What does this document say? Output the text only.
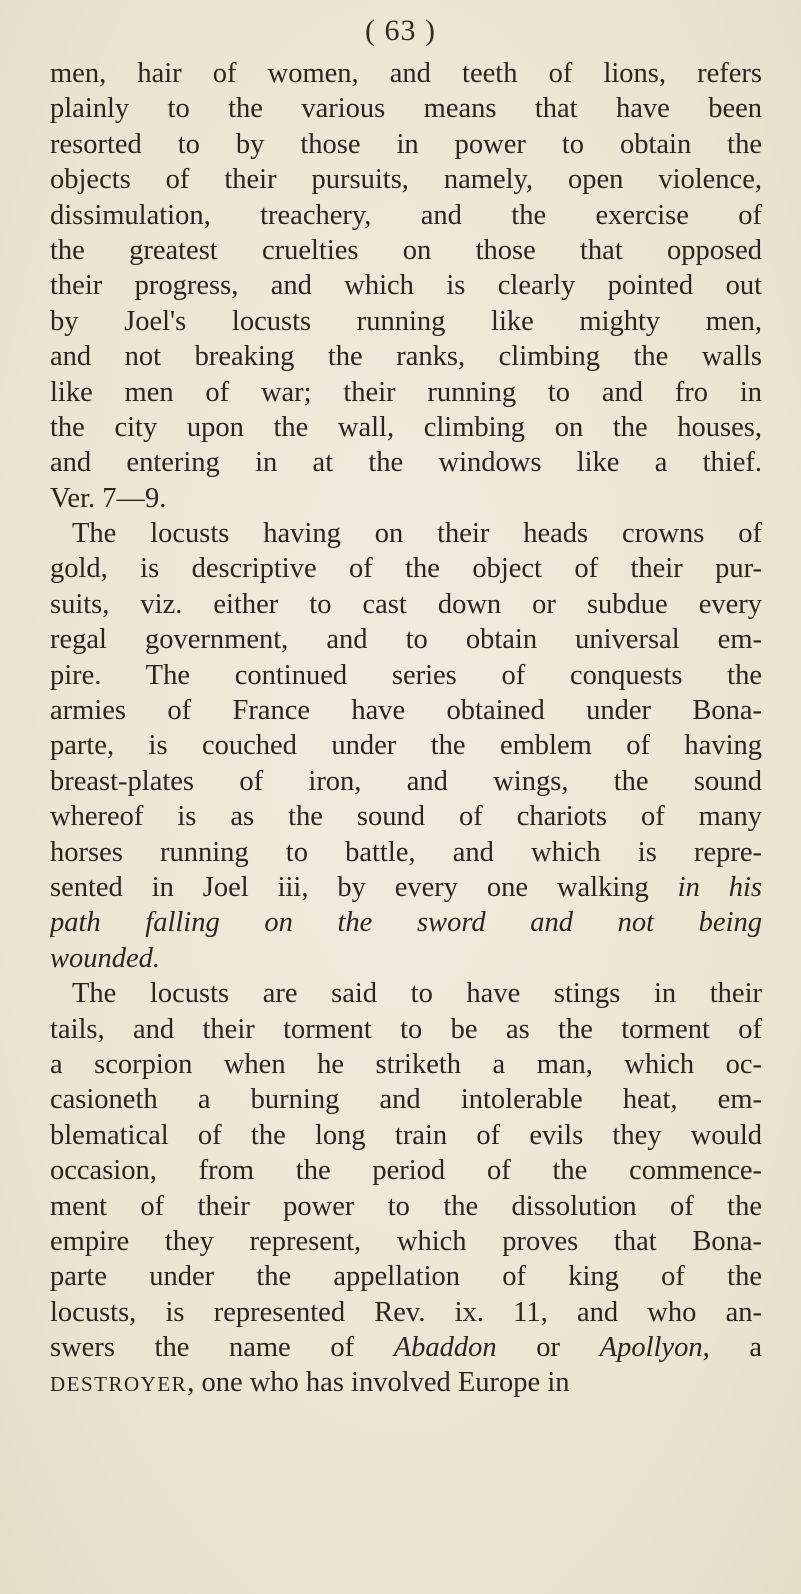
( 63 )
men, hair of women, and teeth of lions, refers
plainly to the various means that have been
resorted to by those in power to obtain the
objects of their pursuits, namely, open violence,
dissimulation, treachery, and the exercise of
the greatest cruelties on those that opposed
their progress, and which is clearly pointed out
by Joel's locusts running like mighty men,
and not breaking the ranks, climbing the walls
like men of war; their running to and fro in
the city upon the wall, climbing on the houses,
and entering in at the windows like a thief.
Ver. 7—9.
The locusts having on their heads crowns of
gold, is descriptive of the object of their pur-
suits, viz. either to cast down or subdue every
regal government, and to obtain universal em-
pire. The continued series of conquests the
armies of France have obtained under Bona-
parte, is couched under the emblem of having
breast-plates of iron, and wings, the sound
whereof is as the sound of chariots of many
horses running to battle, and which is repre-
sented in Joel iii, by every one walking in his
path falling on the sword and not being
wounded.
The locusts are said to have stings in their
tails, and their torment to be as the torment of
a scorpion when he striketh a man, which oc-
casioneth a burning and intolerable heat, em-
blematical of the long train of evils they would
occasion, from the period of the commence-
ment of their power to the dissolution of the
empire they represent, which proves that Bona-
parte under the appellation of king of the
locusts, is represented Rev. ix. 11, and who an-
swers the name of Abaddon or Apollyon, a
DESTROYER, one who has involved Europe in
